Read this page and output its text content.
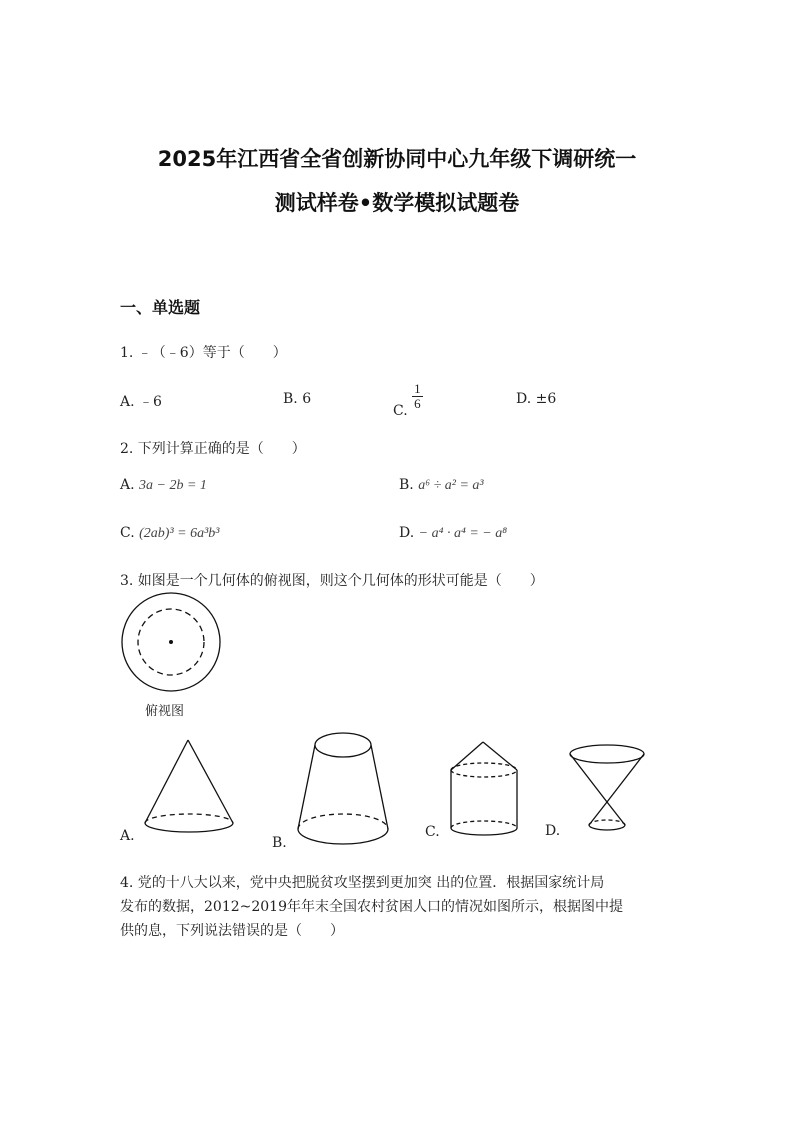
2025年江西省全省创新协同中心九年级下调研统一
测试样卷•数学模拟试题卷
一、单选题
1. ﹣（﹣6）等于（　　）
A. ﹣6	B. 6
C. $\frac{1}{6}$	D. ±6
2. 下列计算正确的是（　　）
A. 3a − 2b = 1	B. a⁶ ÷ a² = a³
C. (2ab)³ = 6a³b³	D. − a⁴ · a⁴ = − a⁸
3. 如图是一个几何体的俯视图，则这个几何体的形状可能是（　　）
俯视图
A.	B.
C.	D.
4. 党的十八大以来，党中央把脱贫攻坚摆到更加突 出的位置．根据国家统计局
发布的数据，2012~2019年年末全国农村贫困人口的情况如图所示，根据图中提
供的息，下列说法错误的是（　　）
